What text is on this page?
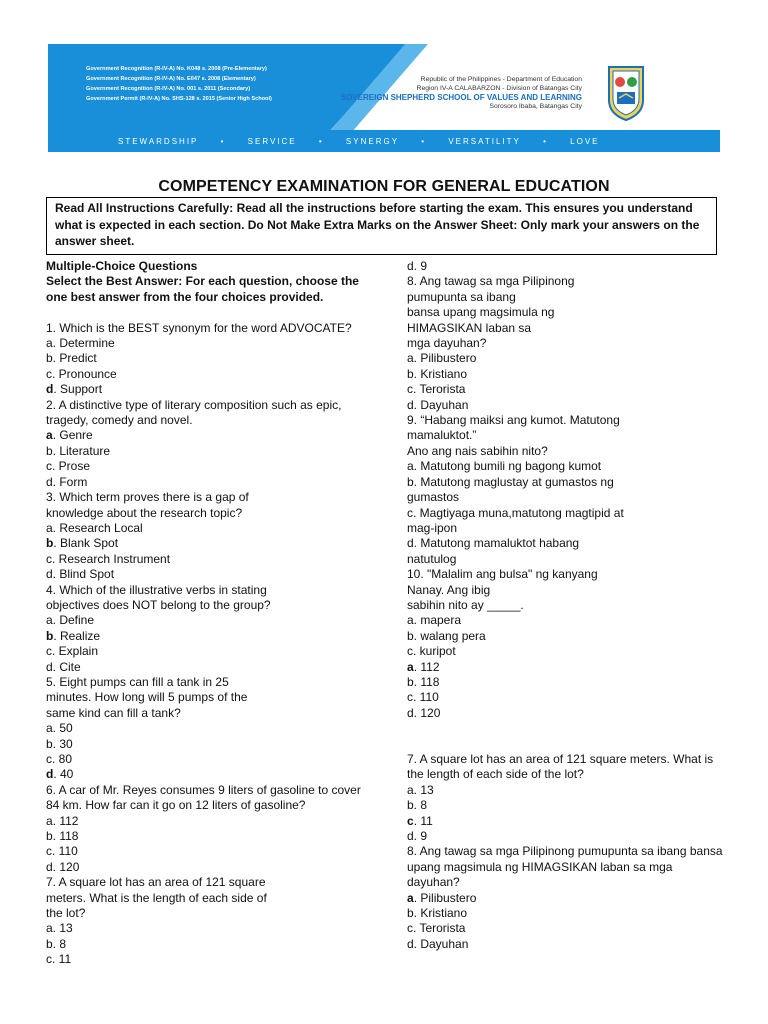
Government Recognition (R-IV-A) No. K048 s. 2008 (Pre-Elementary)
Government Recognition (R-IV-A) No. E047 s. 2008 (Elementary)
Government Recognition (R-IV-A) No. 001 s. 2011 (Secondary)
Government Permit (R-IV-A) No. SHS-128 s. 2015 (Senior High School)
Republic of the Philippines - Department of Education
Region IV-A CALABARZON - Division of Batangas City
SOVEREIGN SHEPHERD SCHOOL OF VALUES AND LEARNING
Sorosoro Ibaba, Batangas City
STEWARDSHIP	•	SERVICE	•	SYNERGY	•	VERSATILITY	•	LOVE
COMPETENCY EXAMINATION FOR GENERAL EDUCATION
Read All Instructions Carefully: Read all the instructions before starting the exam. This ensures you understand what is expected in each section. Do Not Make Extra Marks on the Answer Sheet: Only mark your answers on the answer sheet.
Multiple-Choice Questions
Select the Best Answer: For each question, choose the
one best answer from the four choices provided.

1. Which is the BEST synonym for the word ADVOCATE?
a. Determine
b. Predict
c. Pronounce
d. Support
2. A distinctive type of literary composition such as epic,
tragedy, comedy and novel.
a. Genre
b. Literature
c. Prose
d. Form
3. Which term proves there is a gap of
knowledge about the research topic?
a. Research Local
b. Blank Spot
c. Research Instrument
d. Blind Spot
4. Which of the illustrative verbs in stating
objectives does NOT belong to the group?
a. Define
b. Realize
c. Explain
d. Cite
5. Eight pumps can fill a tank in 25
minutes. How long will 5 pumps of the
same kind can fill a tank?
a. 50
b. 30
c. 80
d. 40
6. A car of Mr. Reyes consumes 9 liters of gasoline to cover
84 km. How far can it go on 12 liters of gasoline?
a. 112
b. 118
c. 110
d. 120
7. A square lot has an area of 121 square
meters. What is the length of each side of
the lot?
a. 13
b. 8
c. 11
d. 9
8. Ang tawag sa mga Pilipinong
pumupunta sa ibang
bansa upang magsimula ng
HIMAGSIKAN laban sa
mga dayuhan?
a. Pilibustero
b. Kristiano
c. Terorista
d. Dayuhan
9. “Habang maiksi ang kumot. Matutong
mamaluktot.”
Ano ang nais sabihin nito?
a. Matutong bumili ng bagong kumot
b. Matutong maglustay at gumastos ng
gumastos
c. Magtiyaga muna,matutong magtipid at
mag-ipon
d. Matutong mamaluktot habang
natutulog
10. "Malalim ang bulsa" ng kanyang
Nanay. Ang ibig
sabihin nito ay _____.
a. mapera
b. walang pera
c. kuripot
a. 112
b. 118
c. 110
d. 120

7. A square lot has an area of 121 square meters. What is
the length of each side of the lot?
a. 13
b. 8
c. 11
d. 9
8. Ang tawag sa mga Pilipinong pumupunta sa ibang bansa
upang magsimula ng HIMAGSIKAN laban sa mga
dayuhan?
a. Pilibustero
b. Kristiano
c. Terorista
d. Dayuhan
